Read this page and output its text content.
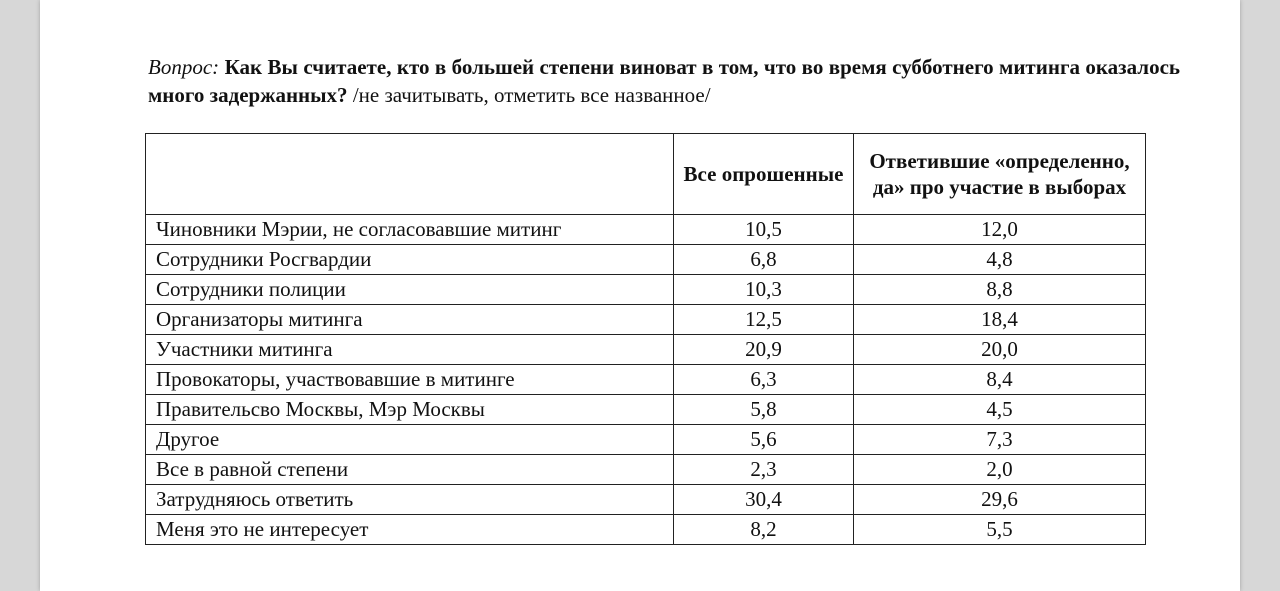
Вопрос: Как Вы считаете, кто в большей степени виноват в том, что во время субботнего митинга оказалось много задержанных? /не зачитывать, отметить все названное/
	Все опрошенные	Ответившие «определенно, да» про участие в выборах
Чиновники Мэрии, не согласовавшие митинг	10,5	12,0
Сотрудники Росгвардии	6,8	4,8
Сотрудники полиции	10,3	8,8
Организаторы митинга	12,5	18,4
Участники митинга	20,9	20,0
Провокаторы, участвовавшие в митинге	6,3	8,4
Правительсво Москвы, Мэр Москвы	5,8	4,5
Другое	5,6	7,3
Все в равной степени	2,3	2,0
Затрудняюсь ответить	30,4	29,6
Меня это не интересует	8,2	5,5
